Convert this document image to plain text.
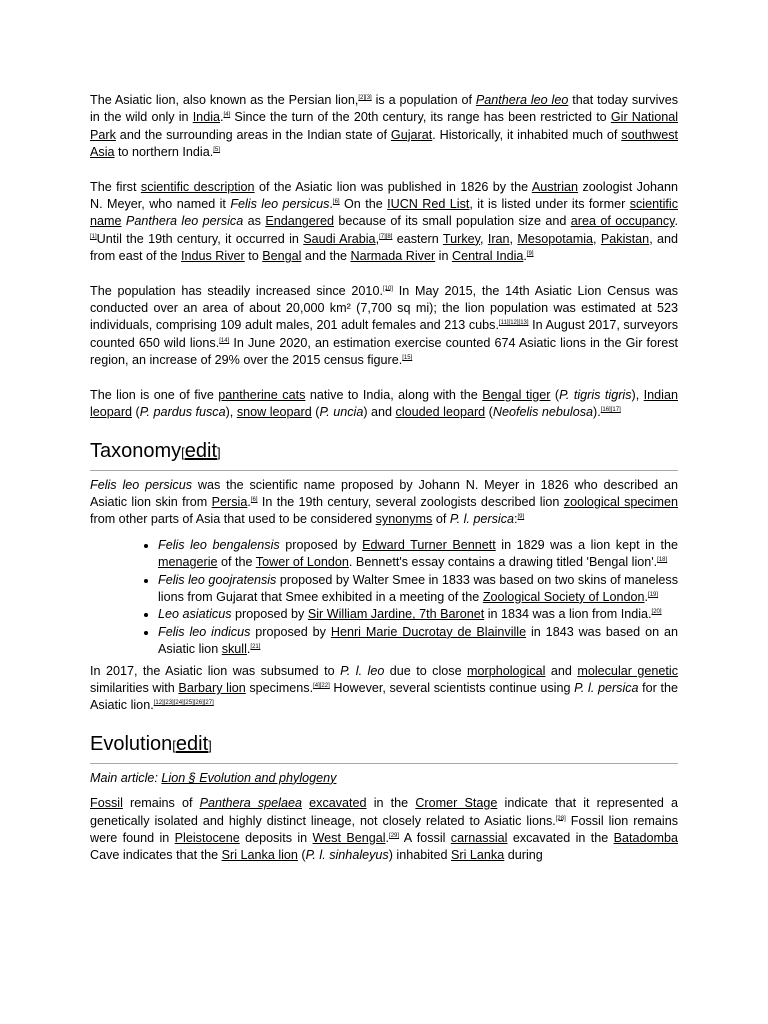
The Asiatic lion, also known as the Persian lion,[2][3] is a population of Panthera leo leo that today survives in the wild only in India.[4] Since the turn of the 20th century, its range has been restricted to Gir National Park and the surrounding areas in the Indian state of Gujarat. Historically, it inhabited much of southwest Asia to northern India.[5]

The first scientific description of the Asiatic lion was published in 1826 by the Austrian zoologist Johann N. Meyer, who named it Felis leo persicus.[6] On the IUCN Red List, it is listed under its former scientific name Panthera leo persica as Endangered because of its small population size and area of occupancy.[1]Until the 19th century, it occurred in Saudi Arabia,[7][8] eastern Turkey, Iran, Mesopotamia, Pakistan, and from east of the Indus River to Bengal and the Narmada River in Central India.[9]

The population has steadily increased since 2010.[10] In May 2015, the 14th Asiatic Lion Census was conducted over an area of about 20,000 km² (7,700 sq mi); the lion population was estimated at 523 individuals, comprising 109 adult males, 201 adult females and 213 cubs.[11][12][13] In August 2017, surveyors counted 650 wild lions.[14] In June 2020, an estimation exercise counted 674 Asiatic lions in the Gir forest region, an increase of 29% over the 2015 census figure.[15]

The lion is one of five pantherine cats native to India, along with the Bengal tiger (P. tigris tigris), Indian leopard (P. pardus fusca), snow leopard (P. uncia) and clouded leopard (Neofelis nebulosa).[16][17]

Taxonomy[edit]

Felis leo persicus was the scientific name proposed by Johann N. Meyer in 1826 who described an Asiatic lion skin from Persia.[6] In the 19th century, several zoologists described lion zoological specimen from other parts of Asia that used to be considered synonyms of P. l. persica:[9]

• Felis leo bengalensis proposed by Edward Turner Bennett in 1829 was a lion kept in the menagerie of the Tower of London. Bennett's essay contains a drawing titled 'Bengal lion'.[18]
• Felis leo goojratensis proposed by Walter Smee in 1833 was based on two skins of maneless lions from Gujarat that Smee exhibited in a meeting of the Zoological Society of London.[19]
• Leo asiaticus proposed by Sir William Jardine, 7th Baronet in 1834 was a lion from India.[20]
• Felis leo indicus proposed by Henri Marie Ducrotay de Blainville in 1843 was based on an Asiatic lion skull.[21]

In 2017, the Asiatic lion was subsumed to P. l. leo due to close morphological and molecular genetic similarities with Barbary lion specimens.[4][22] However, several scientists continue using P. l. persica for the Asiatic lion.[12][23][24][25][26][27]

Evolution[edit]

Main article: Lion § Evolution and phylogeny

Fossil remains of Panthera spelaea excavated in the Cromer Stage indicate that it represented a genetically isolated and highly distinct lineage, not closely related to Asiatic lions.[28] Fossil lion remains were found in Pleistocene deposits in West Bengal.[29] A fossil carnassial excavated in the Batadomba Cave indicates that the Sri Lanka lion (P. l. sinhaleyus) inhabited Sri Lanka during
